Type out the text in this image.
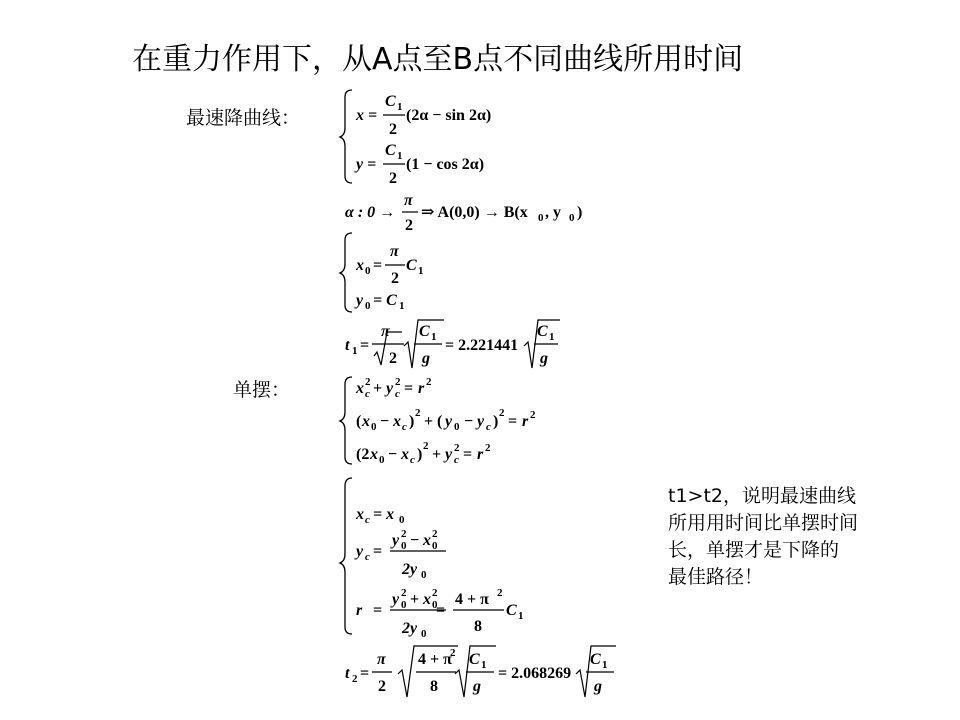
在重力作用下，从A点至B点不同曲线所用时间
最速降曲线：
单摆：
t1>t2，说明最速曲线
所用用时间比单摆时间
长，单摆才是下降的
最佳路径！
x =
C 1
2
(2α − sin 2α)
y =
C 1
2
(1 − cos 2α)
α : 0 →
π
2
⇒ A(0,0) → B(x 0 , y 0 )
x 0 =
π
2
C 1
y 0 = C 1
t 1 =
π
2
C 1
g
= 2.221441
C 1
g
x c
2 + y c
2 = r 2
( x 0 − x c ) 2 + ( y 0 − y c ) 2 = r 2
(2 x 0 − x c ) 2 + y c
2 = r 2
x c = x 0
y c =
y 0
2 − x 0
2
2y 0
r =
y 0
2 + x 0
2
2y 0
=
4 + π 2
8
C 1
t 2 =
π
2
4 + π
2
8
C 1
g
= 2.068269
C 1
g
